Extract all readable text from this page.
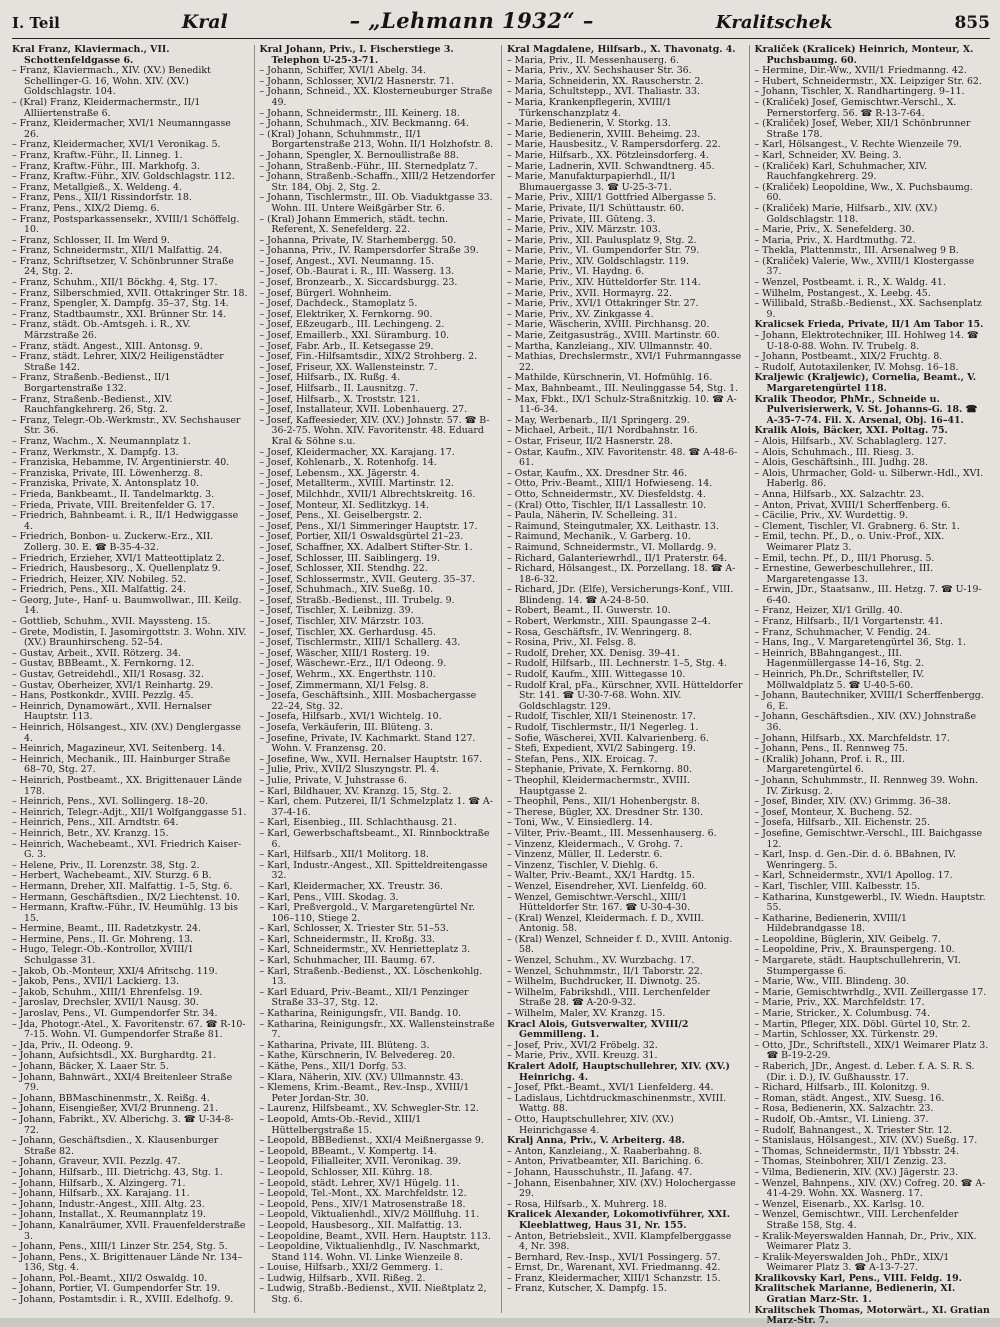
I. Teil	Kral	– „Lehmann 1932“ –	Kralitschek	855

Kral Franz, Klaviermach., VII. Schottenfeldgasse 6.

– Franz, Klaviermach., XIV. (XV.) Benedikt Schellinger-G. 16, Wohn. XIV. (XV.) Goldschlagstr. 104.

– (Kral) Franz, Kleidermachermstr., II/1 Alliiertenstraße 6.

– Franz, Kleidermacher, XVI/1 Neumanngasse 26.

– Franz, Kleidermacher, XVI/1 Veronikag. 5.

– Franz, Kraftw.-Führ., II. Linneg. 1.

– Franz, Kraftw.-Führ., III. Markhofg. 3.

– Franz, Kraftw.-Führ., XIV. Goldschlagstr. 112.

– Franz, Metallgieß., X. Weldeng. 4.

– Franz, Pens., XII/1 Rissindorfstr. 18.

– Franz, Pens., XIX/2 Diemg. 6.

– Franz, Postsparkassensekr., XVIII/1 Schöffelg. 10.

– Franz, Schlosser, II. Im Werd 9.

– Franz, Schneidermstr., XII/1 Malfattig. 24.

– Franz, Schriftsetzer, V. Schönbrunner Straße 24, Stg. 2.

– Franz, Schuhm., XII/1 Böckhg. 4, Stg. 17.

– Franz, Silberschmied, XVII. Ottakringer Str. 18.

– Franz, Spengler, X. Dampfg. 35–37, Stg. 14.

– Franz, Stadtbaumstr., XXI. Brünner Str. 14.

– Franz, städt. Ob.-Amtsgeh. i. R., XV. Märzstraße 26.

– Franz, städt. Angest., XIII. Antonsg. 9.

– Franz, städt. Lehrer, XIX/2 Heiligenstädter Straße 142.

– Franz, Straßenb.-Bedienst., II/1 Borgartenstraße 132.

– Franz, Straßenb.-Bedienst., XIV. Rauchfangkehrerg. 26, Stg. 2.

– Franz, Telegr.-Ob.-Werkmstr., XV. Sechshauser Str. 36.

– Franz, Wachm., X. Neumannplatz 1.

– Franz, Werkmstr., X. Dampfg. 13.

– Franziska, Hebamme, IV. Argentinierstr. 40.

– Franziska, Private, III. Löwenherzg. 8.

– Franziska, Private, X. Antonsplatz 10.

– Frieda, Bankbeamt., II. Tandelmarktg. 3.

– Frieda, Private, VIII. Breitenfelder G. 17.

– Friedrich, Bahnbeamt. i. R., II/1 Hedwiggasse 4.

– Friedrich, Bonbon- u. Zuckerw.-Erz., XII. Zollerg. 30. E. ☎ B-35-4-32.

– Friedrich, Erzieher, XVI/1 Matteottiplatz 2.

– Friedrich, Hausbesorg., X. Quellenplatz 9.

– Friedrich, Heizer, XIV. Nobileg. 52.

– Friedrich, Pens., XII. Malfattig. 24.

– Georg, Jute-, Hanf- u. Baumwollwar., III. Keilg. 14.

– Gottlieb, Schuhm., XVII. Mayssteng. 15.

– Grete, Modistin, I. Jasomirgottstr. 3. Wohn. XIV. (XV.) Braunhirscheng. 52–54.

– Gustav, Arbeit., XVII. Rötzerg. 34.

– Gustav, BBBeamt., X. Fernkorng. 12.

– Gustav, Getreidehdl., XII/1 Rosasg. 32.

– Gustav, Oberheizer, XVI/1 Reinhartg. 29.

– Hans, Postkonkdr., XVIII. Pezzlg. 45.

– Heinrich, Dynamowärt., XVII. Hernalser Hauptstr. 113.

– Heinrich, Hölsangest., XIV. (XV.) Denglergasse 4.

– Heinrich, Magazineur, XVI. Seitenberg. 14.

– Heinrich, Mechanik., III. Hainburger Straße 68–70, Stg. 27.

– Heinrich, Postbeamt., XX. Brigittenauer Lände 178.

– Heinrich, Pens., XVI. Sollingerg. 18–20.

– Heinrich, Telegr.-Adjt., XII/1 Wolfganggasse 51.

– Heinrich, Pens., XII. Arndtstr. 64.

– Heinrich, Betr., XV. Kranzg. 15.

– Heinrich, Wachebeamt., XVI. Friedrich Kaiser-G. 3.

– Helene, Priv., II. Lorenzstr. 38, Stg. 2.

– Herbert, Wachebeamt., XIV. Sturzg. 6 B.

– Hermann, Dreher, XII. Malfattig. 1–5, Stg. 6.

– Hermann, Geschäftsdien., IX/2 Liechtenst. 10.

– Hermann, Kraftw.-Führ., IV. Heumühlg. 13 bis 15.

– Hermine, Beamt., III. Radetzkystr. 24.

– Hermine, Pens., II. Gr. Mohreng. 13.

– Hugo, Telegr.-Ob.-Kontrollor, XVIII/1 Schulgasse 31.

– Jakob, Ob.-Monteur, XXI/4 Afritschg. 119.

– Jakob, Pens., XVII/1 Lackierg. 13.

– Jakob, Schuhm., XIII/1 Ehrenfelsg. 19.

– Jaroslav, Drechsler, XVII/1 Nausg. 30.

– Jaroslav, Pens., VI. Gumpendorfer Str. 34.

– Jda, Photogr.-Atel., X. Favoritenstr. 67. ☎ R-10-7-15. Wohn. VI. Gumpendorfer Straße 81.

– Jda, Priv., II. Odeong. 9.

– Johann, Aufsichtsdl., XX. Burghardtg. 21.

– Johann, Bäcker, X. Laaer Str. 5.

– Johann, Bahnwärt., XXI/4 Breitenleer Straße 79.

– Johann, BBMaschinenmstr., X. Reißg. 4.

– Johann, Eisengießer, XVI/2 Brunneng. 21.

– Johann, Fabrikt., XV. Alberichg. 3. ☎ U-34-8-72.

– Johann, Geschäftsdien., X. Klausenburger Straße 82.

– Johann, Graveur, XVII. Pezzlg. 47.

– Johann, Hilfsarb., III. Dietrichg. 43, Stg. 1.

– Johann, Hilfsarb., X. Alzingerg. 71.

– Johann, Hilfsarb., XX. Karajang. 11.

– Johann, Industr.-Angest., XIII. Altg. 23.

– Johann, Installat., X. Reumannplatz 19.

– Johann, Kanalräumer, XVII. Frauenfelderstraße 3.

– Johann, Pens., XIII/1 Linzer Str. 254, Stg. 5.

– Johann, Pens., X. Brigittenauer Lände Nr. 134–136, Stg. 4.

– Johann, Pol.-Beamt., XII/2 Oswaldg. 10.

– Johann, Portier, VI. Gumpendorfer Str. 19.

– Johann, Postamtsdir. i. R., XVIII. Edelhofg. 9.

Kral Johann, Priv., I. Fischerstiege 3. Telephon U-25-3-71.

– Johann, Schiffer, XVI/1 Abelg. 34.

– Johann, Schlosser, XVI/2 Hasnerstr. 71.

– Johann, Schneid., XX. Klosterneuburger Straße 49.

– Johann, Schneidermstr., III. Keinerg. 18.

– Johann, Schuhmach., XIV. Beckmanng. 64.

– (Kral) Johann, Schuhmmstr., II/1 Borgartenstraße 213, Wohn. II/1 Holzhofstr. 8.

– Johann, Spengler, X. Bernoullistraße 88.

– Johann, Straßenb.-Führ., III. Sternedplatz 7.

– Johann, Straßenb.-Schaffn., XIII/2 Hetzendorfer Str. 184, Obj. 2, Stg. 2.

– Johann, Tischlermstr., III. Ob. Viaduktgasse 33. Wohn. III. Untere Weißgärber Str. 6.

– (Kral) Johann Emmerich, städt. techn. Referent, X. Senefelderg. 22.

– Johanna, Private, IV. Starhembergg. 50.

– Johanna, Priv., IV. Rampersdorfer Straße 39.

– Josef, Angest., XVI. Neumanng. 15.

– Josef, Ob.-Baurat i. R., III. Wasserg. 13.

– Josef, Bronzearb., X. Siccardsburgg. 23.

– Josef, Bürgerl. Wohnheim.

– Josef, Dachdeck., Stamoplatz 5.

– Josef, Elektriker, X. Fernkorng. 90.

– Josef, Eßzeugarb., III. Lechingeng. 2.

– Josef, Emaillerb., XXI. Süramburg. 10.

– Josef, Fabr. Arb., II. Ketsegasse 29.

– Josef, Fin.-Hilfsamtsdir., XIX/2 Strohberg. 2.

– Josef, Friseur, XX. Wallensteinstr. 7.

– Josef, Hilfsarb., IX. Rußg. 4.

– Josef, Hilfsarb., II. Lausnitzg. 7.

– Josef, Hilfsarb., X. Troststr. 121.

– Josef, Installateur, XVII. Lobenhauerg. 27.

– Josef, Kaffeesieder, XIV. (XV.) Johnstr. 57. ☎ B-36-2-75. Wohn. XIV. Favoritenstr. 48. Eduard Kral & Söhne s.u.

– Josef, Kleidermacher, XX. Karajang. 17.

– Josef, Kohlenarb., X. Rotenhofg. 14.

– Josef, Lebensm., XX. Jägerstr. 4.

– Josef, Metallterm., XVIII. Martinstr. 12.

– Josef, Milchhdr., XVII/1 Albrechtskreitg. 16.

– Josef, Monteur, XI. Sedlitzkyg. 14.

– Josef, Pens., XI. Geiselbergstr. 2.

– Josef, Pens., XI/1 Simmeringer Hauptstr. 17.

– Josef, Portier, XII/1 Oswaldsgürtel 21–23.

– Josef, Schaffner, XX. Adalbert Stifter-Str. 1.

– Josef, Schlosser, III. Saiblingerg. 19.

– Josef, Schlosser, XII. Stendhg. 22.

– Josef, Schlossermstr., XVII. Geuterg. 35–37.

– Josef, Schuhmach., XIV. Sueßg. 10.

– Josef, Straßb.-Bedienst., III. Trubelg. 9.

– Josef, Tischler, X. Leibnizg. 39.

– Josef, Tischler, XIV. Märzstr. 103.

– Josef, Tischler, XX. Gerhardusg. 45.

– Josef, Tischlermstr., XIII/1 Schallerg. 43.

– Josef, Wäscher, XIII/1 Rosterg. 19.

– Josef, Wäschewr.-Erz., II/1 Odeong. 9.

– Josef, Wehrm., XX. Engerthstr. 110.

– Josef, Zimmermann, XI/1 Felsg. 8.

– Josefa, Geschäftsinh., XIII. Mosbachergasse 22–24, Stg. 32.

– Josefa, Hilfsarb., XVI/1 Wichtelg. 10.

– Josefa, Verkäuferin, III. Blüteng. 3.

– Josefine, Private, IV. Kachmarkt. Stand 127. Wohn. V. Franzensg. 20.

– Josefine, Ww., XVII. Hernalser Hauptstr. 167.

– Julie, Priv., XVII/2 Sluszyngstr. Pl. 4.

– Julie, Private, V. Juhstrasse 6.

– Karl, Bildhauer, XV. Kranzg. 15, Stg. 2.

– Karl, chem. Putzerei, II/1 Schmelzplatz 1. ☎ A-37-4-16.

– Karl, Eisenbieg., III. Schlachthausg. 21.

– Karl, Gewerbschaftsbeamt., XI. Rinnbocktraße 6.

– Karl, Hilfsarb., XII/1 Molitorg. 18.

– Karl, Industr.-Angest., XII. Spitteldreitengasse 32.

– Karl, Kleidermacher, XX. Treustr. 36.

– Karl, Pens., VIII. Skodag. 3.

– Karl, Preßvergold., V. Margaretengürtel Nr. 106–110, Stiege 2.

– Karl, Schlosser, X. Triester Str. 51–53.

– Karl, Schneidermstr., II. Kroßg. 33.

– Karl, Schneidermstr., XV. Henrietteplatz 3.

– Karl, Schuhmacher, III. Baumg. 67.

– Karl, Straßenb.-Bedienst., XX. Löschenkohlg. 13.

– Karl Eduard, Priv.-Beamt., XII/1 Penzinger Straße 33–37, Stg. 12.

– Katharina, Reinigungsfr., VII. Bandg. 10.

– Katharina, Reinigungsfr., XX. Wallensteinstraße 7.

– Katharina, Private, III. Blüteng. 3.

– Kathe, Kürschnerin, IV. Belvedereg. 20.

– Käthe, Pens., XII/1 Dorfg. 53.

– Klara, Näherin, XIV. (XV.) Ullmannstr. 43.

– Klemens, Krim.-Beamt., Rev.-Insp., XVIII/1 Peter Jordan-Str. 30.

– Laurenz, Hilfsbeamt., XV. Schwegler-Str. 12.

– Leopold, Amts-Ob.-Revid., XIII/1 Hüttelbergstraße 15.

– Leopold, BBBedienst., XXI/4 Meißnergasse 9.

– Leopold, BBeamt., V. Kompertg. 14.

– Leopold, Filialleiter, XVII. Veronikag. 39.

– Leopold, Schlosser, XII. Kührg. 18.

– Leopold, städt. Lehrer, XV/1 Hügelg. 11.

– Leopold, Tel.-Mont., XX. Marchfeldstr. 12.

– Leopold, Pens., XIV/1 Matrosenstraße 18.

– Leopold, Viktualienhdl., XIV/2 Möllfluhg. 11.

– Leopold, Hausbesorg., XII. Malfattig. 13.

– Leopoldine, Beamt., XVII. Hern. Hauptstr. 113.

– Leopoldine, Viktualienhdlg., IV. Naschmarkt, Stand 114. Wohn. VI. Linke Wienzeile 8.

– Louise, Hilfsarb., XXI/2 Gemmerg. 1.

– Ludwig, Hilfsarb., XVII. Rißeg. 2.

– Ludwig, Straßb.-Bedienst., XVII. Nießtplatz 2, Stg. 6.

Kral Magdalene, Hilfsarb., X. Thavonatg. 4.

– Maria, Priv., II. Messenhauserg. 6.

– Maria, Priv., XV. Sechshauser Str. 36.

– Maria, Schneiderin, XX. Rauscherstr. 2.

– Maria, Schultstepp., XVI. Thaliastr. 33.

– Maria, Krankenpflegerin, XVIII/1 Türkenschanzplatz 4.

– Marie, Bedienerin, V. Storkg. 13.

– Marie, Bedienerin, XVIII. Beheimg. 23.

– Marie, Hausbesitz., V. Rampersdorferg. 22.

– Marie, Hilfsarb., XX. Pötzleinsdorferg. 4.

– Marie, Ladnerin, XVII. Schwandtnerg. 45.

– Marie, Manufakturpapierhdl., II/1 Blumauergasse 3. ☎ U-25-3-71.

– Marie, Priv., XIII/1 Gottfried Albergasse 5.

– Marie, Private, II/1 Schüttaustr. 60.

– Marie, Private, III. Güteng. 3.

– Marie, Priv., XIV. Märzstr. 103.

– Marie, Priv., XII. Paulusplatz 9, Stg. 2.

– Marie, Priv., VI. Gumpendorfer Str. 79.

– Marie, Priv., XIV. Goldschlagstr. 119.

– Marie, Priv., VI. Haydng. 6.

– Marie, Priv., XIV. Hütteldorfer Str. 114.

– Marie, Priv., XVII. Hormayrg. 22.

– Marie, Priv., XVI/1 Ottakringer Str. 27.

– Marie, Priv., XV. Zinkgasse 4.

– Marie, Wäscherin, XVIII. Pirchhansg. 20.

– Marie, Zeitgasusträg., XVIII. Martinstr. 60.

– Martha, Kanzleiang., XIV. Ullmannstr. 40.

– Mathias, Drechslermstr., XVI/1 Fuhrmanngasse 22.

– Mathilde, Kürschnerin, VI. Hofmühlg. 16.

– Max, Bahnbeamt., III. Neulinggasse 54, Stg. 1.

– Max, Fbkt., IX/1 Schulz-Straßnitzkig. 10. ☎ A-11-6-34.

– May, Werbenarb., II/1 Springerg. 29.

– Michael, Arbeit., II/1 Nordbahnstr. 16.

– Ostar, Friseur, II/2 Hasnerstr. 28.

– Ostar, Kaufm., XIV. Favoritenstr. 48. ☎ A-48-6-61.

– Ostar, Kaufm., XX. Dresdner Str. 46.

– Otto, Priv.-Beamt., XIII/1 Hofwieseng. 14.

– Otto, Schneidermstr., XV. Diesfeldstg. 4.

– (Kral) Otto, Tischler, II/1 Lassallestr. 10.

– Paula, Näherin, IV. Schelleing. 31.

– Raimund, Steingutmaler, XX. Leithastr. 13.

– Raimund, Mechanik., V. Garberg. 10.

– Raimund, Schneidermstr., VI. Mollardg. 9.

– Richard, Galanteriewrhdl., II/1 Praterstr. 64.

– Richard, Hölsangest., IX. Porzellang. 18. ☎ A-18-6-32.

– Richard, JDr. (Elfe), Versicherungs-Konf., VIII. Blindeng. 14. ☎ A-24-8-50.

– Robert, Beamt., II. Guwerstr. 10.

– Robert, Werkmstr., XIII. Spaungasse 2–4.

– Rosa, Geschäftsfr., IV. Wenringerg. 8.

– Rosina, Priv., XI. Felsg. 8.

– Rudolf, Dreher, XX. Denisg. 39–41.

– Rudolf, Hilfsarb., III. Lechnerstr. 1–5, Stg. 4.

– Rudolf, Kaufm., XIII. Wittegasse 10.

– Rudolf Kral, pFa., Kürschner, XVII. Hütteldorfer Str. 141. ☎ U-30-7-68. Wohn. XIV. Goldschlagstr. 129.

– Rudolf, Tischler, XII/1 Steinenostr. 17.

– Rudolf, Tischlermstr., II/1 Negerleg. 1.

– Sofie, Wäscherei, XVII. Kalvarienberg. 6.

– Stefi, Expedient, XVI/2 Sabingerg. 19.

– Stefan, Pens., XIX. Eroicag. 7.

– Stephanie, Private, X. Fernkorng. 80.

– Theophil, Kleidermachermstr., XVIII. Hauptgasse 2.

– Theophil, Pens., XII/1 Hohenbergstr. 8.

– Therese, Bügler, XX. Dresdner Str. 130.

– Toni, Ww., V. Einsiedlerg. 14.

– Vilter, Priv.-Beamt., III. Messenhauserg. 6.

– Vinzenz, Kleidermach., V. Grohg. 7.

– Vinzenz, Müller, II. Lederstr. 6.

– Vinzenz, Tischler, V. Diehlg. 6.

– Walter, Priv.-Beamt., XX/1 Hardtg. 15.

– Wenzel, Eisendreher, XVI. Lienfeldg. 60.

– Wenzel, Gemischtwr.-Verschl., XIII/1 Hütteldorfer Str. 167. ☎ U-30-4-30.

– (Kral) Wenzel, Kleidermach. f. D., XVIII. Antonig. 58.

– (Kral) Wenzel, Schneider f. D., XVIII. Antonig. 58.

– Wenzel, Schuhm., XV. Wurzbachg. 17.

– Wenzel, Schuhmmstr., II/1 Taborstr. 22.

– Wilhelm, Buchdrucker, II. Diwnotg. 25.

– Wilhelm, Fabrikshdl., VIII. Lerchenfelder Straße 28. ☎ A-20-9-32.

– Wilhelm, Maler, XV. Kranzg. 15.

Kracl Alois, Gutsverwalter, XVIII/2 Gemmilleng. 1.

– Josef, Priv., XVI/2 Fröbelg. 32.

– Marie, Priv., XVII. Kreuzg. 31.

Kralert Adolf, Hauptschullehrer, XIV. (XV.) Heinrichg. 4.

– Josef, Pfkt.-Beamt., XVI/1 Lienfelderg. 44.

– Ladislaus, Lichtdruckmaschinenmstr., XVIII. Wattg. 88.

– Otto, Hauptschullehrer, XIV. (XV.) Heinrichgasse 4.

Kralj Anna, Priv., V. Arbeiterg. 48.

– Anton, Kanzleiang., X. Raaberbahng. 8.

– Anton, Privatbeamter, XII. Bariching. 6.

– Johann, Hausschuhstr., II. Jafang. 47.

– Johann, Eisenbahner, XIV. (XV.) Holochergasse 29.

– Rosa, Hilfsarb., X. Muhrerg. 18.

Kralicek Alexander, Lokomotivführer, XXI. Kleeblattweg, Haus 31, Nr. 155.

– Anton, Betriebsleit., XVII. Klampfelberggasse 4, Nr. 398.

– Bernhard, Rev.-Insp., XVI/1 Possingerg. 57.

– Ernst, Dr., Warenant, XVI. Friedmanng. 42.

– Franz, Kleidermacher, XIII/1 Schanzstr. 15.

– Franz, Kutscher, X. Dampfg. 15.

Kraliček (Kralicek) Heinrich, Monteur, X. Puchsbaumg. 60.

– Hermine, Dir.-Ww., XVII/1 Friedmanng. 42.

– Hubert, Schneidermstr., XX. Leipziger Str. 62.

– Johann, Tischler, X. Randhartingerg. 9–11.

– (Kraliček) Josef, Gemischtwr.-Verschl., X. Pernerstorferg. 56. ☎ R-13-7-64.

– (Kraliček) Josef, Weber, XII/1 Schönbrunner Straße 178.

– Karl, Hölsangest., V. Rechte Wienzeile 79.

– Karl, Schneider, XV. Being. 3.

– (Kraliček) Karl, Schuhmacher, XIV. Rauchfangkehrerg. 29.

– (Kraliček) Leopoldine, Ww., X. Puchsbaumg. 60.

– (Kraliček) Marie, Hilfsarb., XIV. (XV.) Goldschlagstr. 118.

– Marie, Priv., X. Senefelderg. 30.

– Maria, Priv., X. Hardtmuthg. 72.

– Thekla, Plattenmstr., III. Arsenalweg 9 B.

– (Kraliček) Valerie, Ww., XVIII/1 Klostergasse 37.

– Wenzel, Postbeamt. i. R., X. Waldg. 41.

– Wilhelm, Postangest., X. Leebg. 45.

– Willibald, Straßb.-Bedienst., XX. Sachsenplatz 9.

Kralicsek Frieda, Private, II/1 Am Tabor 15.

– Johann, Elektrotechniker, III. Hohlweg 14. ☎ U-18-0-88. Wohn. IV. Trubelg. 8.

– Johann, Postbeamt., XIX/2 Fruchtg. 8.

– Rudolf, Autotaxilenker, IV. Mohsg. 16–18.

Kraljewic (Kraljewic), Cornelia, Beamt., V. Margaretengürtel 118.

Kralik Theodor, PhMr., Schneide u. Pulverisierwerk, V. St. Johanns-G. 18. ☎ A-35-7-74. Fil. X. Arsenal, Obj. 16–41.

Kralik Alois, Bäcker, XXI. Poltag. 75.

– Alois, Hilfsarb., XV. Schablaglerg. 127.

– Alois, Schuhmach., III. Riesg. 3.

– Alois, Geschäftsinh., III. Judhg. 28.

– Alois, Uhrmacher, Gold- u. Silberwr.-Hdl., XVI. Haberlg. 86.

– Anna, Hilfsarb., XX. Salzachtr. 23.

– Anton, Privat, XVIII/1 Scherffenberg. 6.

– Cäcilie, Priv., XV. Wurdettig. 9.

– Clement, Tischler, VI. Grabnerg. 6. Str. 1.

– Emil, techn. Pf., D., o. Univ.-Prof., XIX. Weimarer Platz 3.

– Emil, techn. Pf., D., III/1 Phorusg. 5.

– Ernestine, Gewerbeschullehrer., III. Margaretengasse 13.

– Erwin, JDr., Staatsanw., III. Hetzg. 7. ☎ U-19-6-40.

– Franz, Heizer, XI/1 Grillg. 40.

– Franz, Hilfsarb., II/1 Vorgartenstr. 41.

– Franz, Schuhmacher, V. Fendig. 24.

– Hans, Ing., V. Margaretengürtel 36, Stg. 1.

– Heinrich, BBahngangest., III. Hagenmüllergasse 14–16, Stg. 2.

– Heinrich, Ph.Dr., Schriftsteller, IV. Möllwaldplatz 5. ☎ U-40-5-60.

– Johann, Bautechniker, XVIII/1 Scherffenbergg. 6, E.

– Johann, Geschäftsdien., XIV. (XV.) Johnstraße 36.

– Johann, Hilfsarb., XX. Marchfeldstr. 17.

– Johann, Pens., II. Rennweg 75.

– (Kralik) Johann, Prof. i. R., III. Margaretengürtel 6.

– Johann, Schuhmmstr., II. Rennweg 39. Wohn. IV. Zirkusg. 2.

– Josef, Binder, XIV. (XV.) Grimmg. 36–38.

– Josef, Monteur, X. Bucheng. 52.

– Josefa, Hilfsarb., XII. Eichenstr. 25.

– Josefine, Gemischtwr.-Verschl., III. Baichgasse 12.

– Karl, Insp. d. Gen.-Dir. d. ö. BBahnen, IV. Wenringerg. 5.

– Karl, Schneidermstr., XVI/1 Apollog. 17.

– Karl, Tischler, VIII. Kalbesstr. 15.

– Katharina, Kunstgewerbl., IV. Wiedn. Hauptstr. 55.

– Katharine, Bedienerin, XVIII/1 Hildebrandgasse 18.

– Leopoldine, Büglerin, XIV. Geibelg. 7.

– Leopoldine, Priv., X. Braunspergeng. 10.

– Margarete, städt. Hauptschullehrerin, VI. Stumpergasse 6.

– Marie, Ww., VIII. Blindeng. 30.

– Marie, Gemischtwrhdlg., XVII. Zeillergasse 17.

– Marie, Priv., XX. Marchfeldstr. 17.

– Marie, Stricker., X. Columbusg. 74.

– Martin, Pfleger, XIX. Döbl. Gürtel 10, Str. 2.

– Martin, Schlosser, XX. Türkenstr. 29.

– Otto, JDr., Schriftstell., XIX/1 Weimarer Platz 3. ☎ B-19-2-29.

– Raberich, JDr., Angest. d. Leber. f. A. S. R. S. (Dir. i. D.), IV. Gußhausstr. 17.

– Richard, Hilfsarb., III. Kolonitzg. 9.

– Roman, städt. Angest., XIV. Suesg. 16.

– Rosa, Bedienerin, XX. Salzachtr. 23.

– Rudolf, Ob.-Amtsr., VI. Linieng. 37.

– Rudolf, Bahnangest., X. Triester Str. 12.

– Stanislaus, Hölsangest., XIV. (XV.) Sueßg. 17.

– Thomas, Schneidermstr., II/1 Ybbsstr. 24.

– Thomas, Steinbohrer, XII/1 Zenzig. 23.

– Vilma, Bedienerin, XIV. (XV.) Jägerstr. 23.

– Wenzel, Bahnpens., XIV. (XV.) Cofreg. 20. ☎ A-41-4-29. Wohn. XX. Wasnerg. 17.

– Wenzel, Eisenarb., XX. Karlsg. 10.

– Wenzel, Gemischtwr., VIII. Lerchenfelder Straße 158, Stg. 4.

– Kralik-Meyerswalden Hannah, Dr., Priv., XIX. Weimarer Platz 3.

– Kralik-Meyerswalden Joh., PhDr., XIX/1 Weimarer Platz 3. ☎ A-13-7-27.

Kralikovsky Karl, Pens., VIII. Feldg. 19.

Kralitschek Marianne, Bedienerin, XI. Gratian Marz-Str. 1.

Kralitschek Thomas, Motorwärt., XI. Gratian Marz-Str. 7.
